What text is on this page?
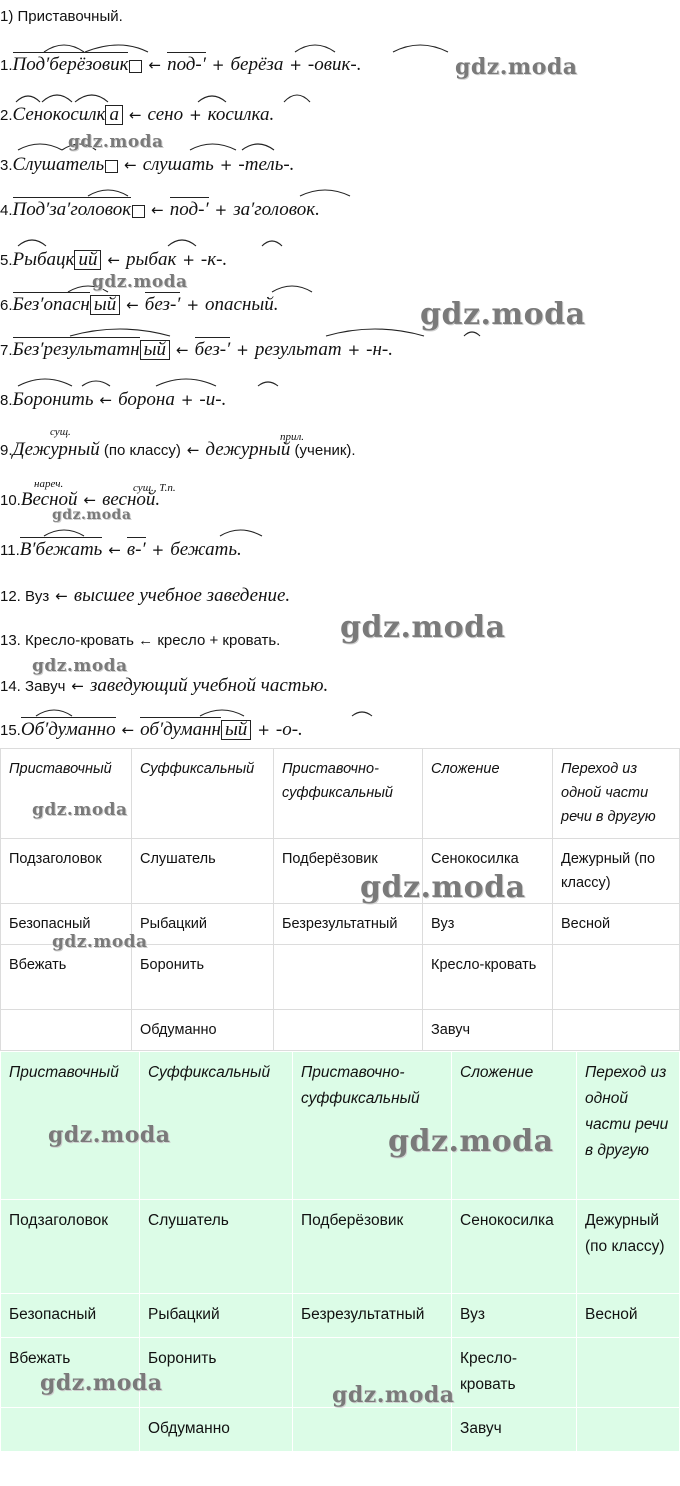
1) Приставочный.
1.Под′берёзовик ← под-′ + берёза + -овик-.
2.Сенокосилк а ← сено + косилка.
3.Слушатель ← слушать + -тель-.
4.Под′за′головок ← под-′ + за′головок.
5.Рыбацк ий ← рыбак + -к-.
6.Без′опасн ый ← без-′ + опасный.
7.Без′результатн ый ← без-′ + результат + -н-.
8.Боронить ← борона + -и-.
сущ.	прил.
9.Дежурный (по классу) ← дежурный (ученик).
нареч.	сущ., Т.п.
10.Весной ← весной.
11.В′бежать ← в-′ + бежать.
12. Вуз ← высшее учебное заведение.
13. Кресло-кровать ← кресло + кровать.
14. Завуч ← заведующий учебной частью.
15.Об′думанно ← об′думанн ый + -о-.
Приставочный	Суффиксальный	Приставочно-суффиксальный	Сложение	Переход из одной части речи в другую
Подзаголовок	Слушатель	Подберёзовик	Сенокосилка	Дежурный (по классу)
Безопасный	Рыбацкий	Безрезультатный	Вуз	Весной
Вбежать	Боронить		Кресло-кровать	
	Обдуманно		Завуч	
Приставочный	Суффиксальный	Приставочно-суффиксальный	Сложение	Переход из одной части речи в другую
Подзаголовок	Слушатель	Подберёзовик	Сенокосилка	Дежурный (по классу)
Безопасный	Рыбацкий	Безрезультатный	Вуз	Весной
Вбежать	Боронить		Кресло-кровать	
	Обдуманно		Завуч	
gdz.moda
gdz.moda
gdz.moda
gdz.moda
gdz.moda
gdz.moda
gdz.moda
gdz.moda
gdz.moda
gdz.moda
gdz.moda	gdz.moda
gdz.moda	gdz.moda
